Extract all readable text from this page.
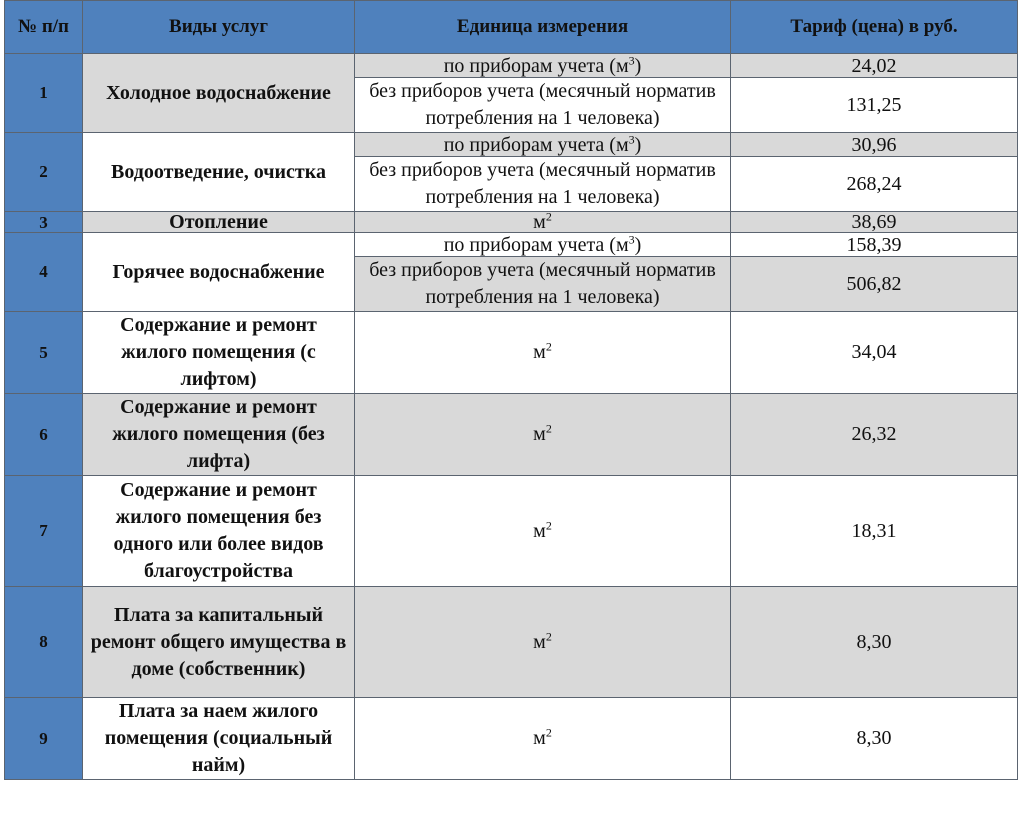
№ п/п	Виды услуг	Единица измерения	Тариф (цена) в руб.
1	Холодное водоснабжение	по приборам учета $(м^3)$	24,02
		без приборов учета (месячный норматив потребления на 1 человека)	131,25
2	Водоотведение, очистка	по приборам учета $(м^3)$	30,96
		без приборов учета (месячный норматив потребления на 1 человека)	268,24
3	Отопление	$м^2$	38,69
4	Горячее водоснабжение	по приборам учета $(м^3)$	158,39
		без приборов учета (месячный норматив потребления на 1 человека)	506,82
5	Содержание и ремонт жилого помещения (с лифтом)	$м^2$	34,04
6	Содержание и ремонт жилого помещения (без лифта)	$м^2$	26,32
7	Содержание и ремонт жилого помещения без одного или более видов благоустройства	$м^2$	18,31
8	Плата за капитальный ремонт общего имущества в доме (собственник)	$м^2$	8,30
9	Плата за наем жилого помещения (социальный найм)	$м^2$	8,30
